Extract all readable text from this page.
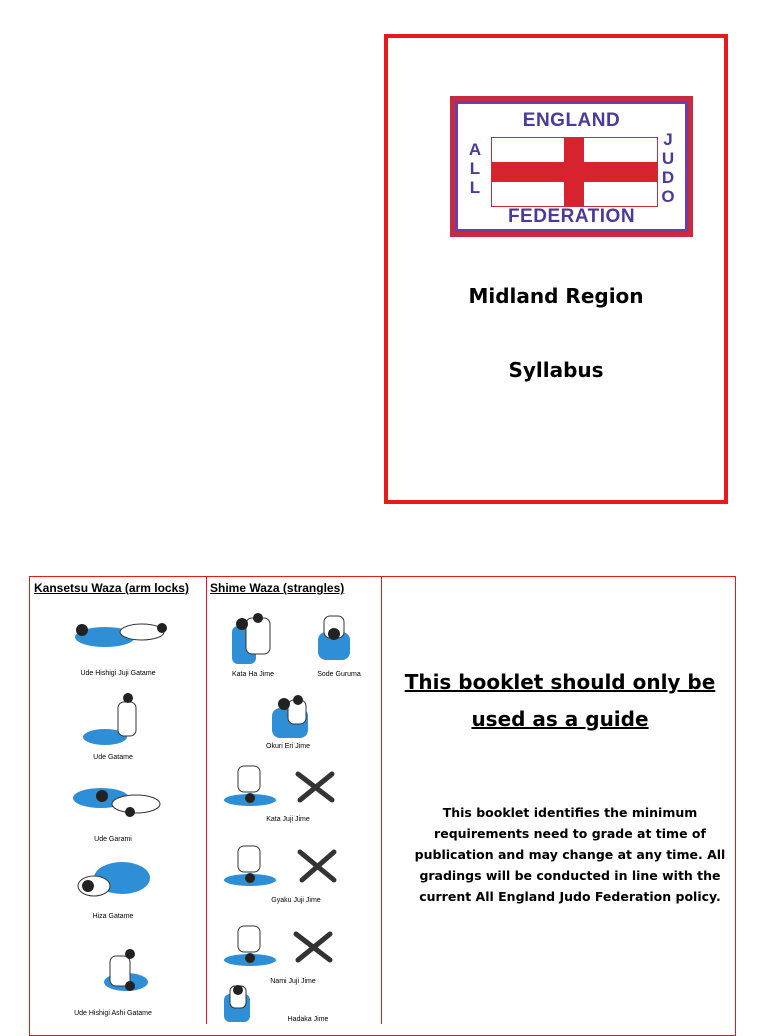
ENGLAND
A
L
L
J
U
D
O
FEDERATION
Midland Region
Syllabus
Kansetsu Waza (arm locks) Shime Waza (strangles)
Ude Hishigi Juji Gatame
Ude Gatame
Ude Garami
Hiza Gatame
Ude Hishigi Ashi Gatame
Kata Ha Jime	Sode Guruma
Okuri Eri Jime
Kata Juji Jime
Gyaku Juji Jime
Nami Juji Jime
Hadaka Jime
This booklet should only be
used as a guide
This booklet identifies the minimum requirements need to grade at time of publication and may change at any time. All gradings will be conducted in line with the current All England Judo Federation policy.
